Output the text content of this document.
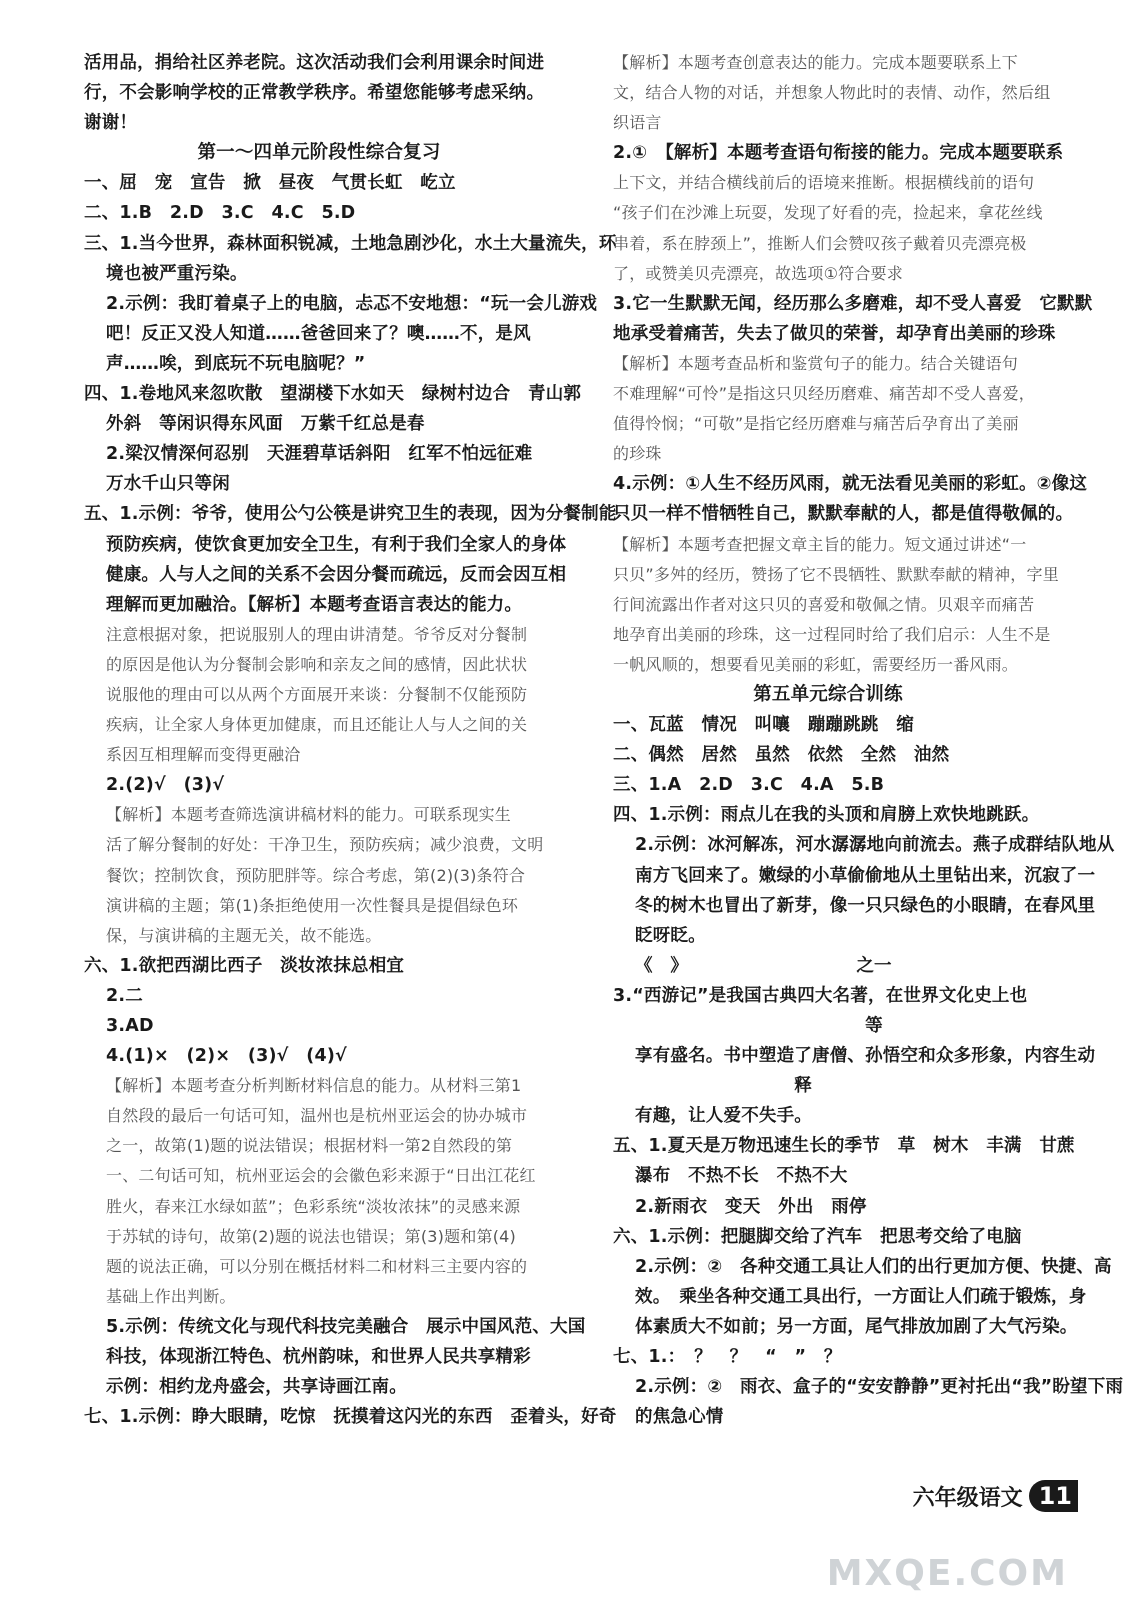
活用品，捐给社区养老院。这次活动我们会利用课余时间进
行，不会影响学校的正常教学秩序。希望您能够考虑采纳。
谢谢！
第一～四单元阶段性综合复习
一、屈　宠　宣告　掀　昼夜　气贯长虹　屹立
二、1.B　2.D　3.C　4.C　5.D
三、1.当今世界，森林面积锐减，土地急剧沙化，水土大量流失，环
境也被严重污染。
2.示例：我盯着桌子上的电脑，忐忑不安地想：“玩一会儿游戏
吧！反正又没人知道……爸爸回来了？噢……不，是风
声……唉，到底玩不玩电脑呢？”
四、1.卷地风来忽吹散　望湖楼下水如天　绿树村边合　青山郭
外斜　等闲识得东风面　万紫千红总是春
2.梁汉情深何忍别　天涯碧草话斜阳　红军不怕远征难
万水千山只等闲
五、1.示例：爷爷，使用公勺公筷是讲究卫生的表现，因为分餐制能
预防疾病，使饮食更加安全卫生，有利于我们全家人的身体
健康。人与人之间的关系不会因分餐而疏远，反而会因互相
理解而更加融洽。【解析】本题考查语言表达的能力。
注意根据对象，把说服别人的理由讲清楚。爷爷反对分餐制
的原因是他认为分餐制会影响和亲友之间的感情，因此状状
说服他的理由可以从两个方面展开来谈：分餐制不仅能预防
疾病，让全家人身体更加健康，而且还能让人与人之间的关
系因互相理解而变得更融洽
2.(2)√　(3)√
【解析】本题考查筛选演讲稿材料的能力。可联系现实生
活了解分餐制的好处：干净卫生，预防疾病；减少浪费，文明
餐饮；控制饮食，预防肥胖等。综合考虑，第(2)(3)条符合
演讲稿的主题；第(1)条拒绝使用一次性餐具是提倡绿色环
保，与演讲稿的主题无关，故不能选。
六、1.欲把西湖比西子　淡妆浓抹总相宜
2.二
3.AD
4.(1)×　(2)×　(3)√　(4)√
【解析】本题考查分析判断材料信息的能力。从材料三第1
自然段的最后一句话可知，温州也是杭州亚运会的协办城市
之一，故第(1)题的说法错误；根据材料一第2自然段的第
一、二句话可知，杭州亚运会的会徽色彩来源于“日出江花红
胜火，春来江水绿如蓝”；色彩系统“淡妆浓抹”的灵感来源
于苏轼的诗句，故第(2)题的说法也错误；第(3)题和第(4)
题的说法正确，可以分别在概括材料二和材料三主要内容的
基础上作出判断。
5.示例：传统文化与现代科技完美融合　展示中国风范、大国
科技，体现浙江特色、杭州韵味，和世界人民共享精彩
示例：相约龙舟盛会，共享诗画江南。
七、1.示例：睁大眼睛，吃惊　抚摸着这闪光的东西　歪着头，好奇
【解析】本题考查创意表达的能力。完成本题要联系上下
文，结合人物的对话，并想象人物此时的表情、动作，然后组
织语言
2.①　【解析】本题考查语句衔接的能力。完成本题要联系
上下文，并结合横线前后的语境来推断。根据横线前的语句
“孩子们在沙滩上玩耍，发现了好看的壳，捡起来，拿花丝线
串着，系在脖颈上”，推断人们会赞叹孩子戴着贝壳漂亮极
了，或赞美贝壳漂亮，故选项①符合要求
3.它一生默默无闻，经历那么多磨难，却不受人喜爱　它默默
地承受着痛苦，失去了做贝的荣誉，却孕育出美丽的珍珠
【解析】本题考查品析和鉴赏句子的能力。结合关键语句
不难理解“可怜”是指这只贝经历磨难、痛苦却不受人喜爱，
值得怜悯；“可敬”是指它经历磨难与痛苦后孕育出了美丽
的珍珠
4.示例：①人生不经历风雨，就无法看见美丽的彩虹。②像这
只贝一样不惜牺牲自己，默默奉献的人，都是值得敬佩的。
【解析】本题考查把握文章主旨的能力。短文通过讲述“一
只贝”多舛的经历，赞扬了它不畏牺牲、默默奉献的精神，字里
行间流露出作者对这只贝的喜爱和敬佩之情。贝艰辛而痛苦
地孕育出美丽的珍珠，这一过程同时给了我们启示：人生不是
一帆风顺的，想要看见美丽的彩虹，需要经历一番风雨。
第五单元综合训练
一、瓦蓝　情况　叫嚷　蹦蹦跳跳　缩
二、偶然　居然　虽然　依然　全然　油然
三、1.A　2.D　3.C　4.A　5.B
四、1.示例：雨点儿在我的头顶和肩膀上欢快地跳跃。
2.示例：冰河解冻，河水潺潺地向前流去。燕子成群结队地从
南方飞回来了。嫩绿的小草偷偷地从土里钻出来，沉寂了一
冬的树木也冒出了新芽，像一只只绿色的小眼睛，在春风里
眨呀眨。
《　》　　　　　　　　　　之一
3.“西游记”是我国古典四大名著，在世界文化史上也
　　　　　　　　　　　　　等
享有盛名。书中塑造了唐僧、孙悟空和众多形象，内容生动
　　　　　　　　　释
有趣，让人爱不失手。
五、1.夏天是万物迅速生长的季节　草　树木　丰满　甘蔗
瀑布　不热不长　不热不大
2.新雨衣　变天　外出　雨停
六、1.示例：把腿脚交给了汽车　把思考交给了电脑
2.示例：②　各种交通工具让人们的出行更加方便、快捷、高
效。　乘坐各种交通工具出行，一方面让人们疏于锻炼，身
体素质大不如前；另一方面，尾气排放加剧了大气污染。
七、1.：　？　？　“　”　？
2.示例：②　雨衣、盒子的“安安静静”更衬托出“我”盼望下雨
的焦急心情
六年级语文 11
MXQE.COM
